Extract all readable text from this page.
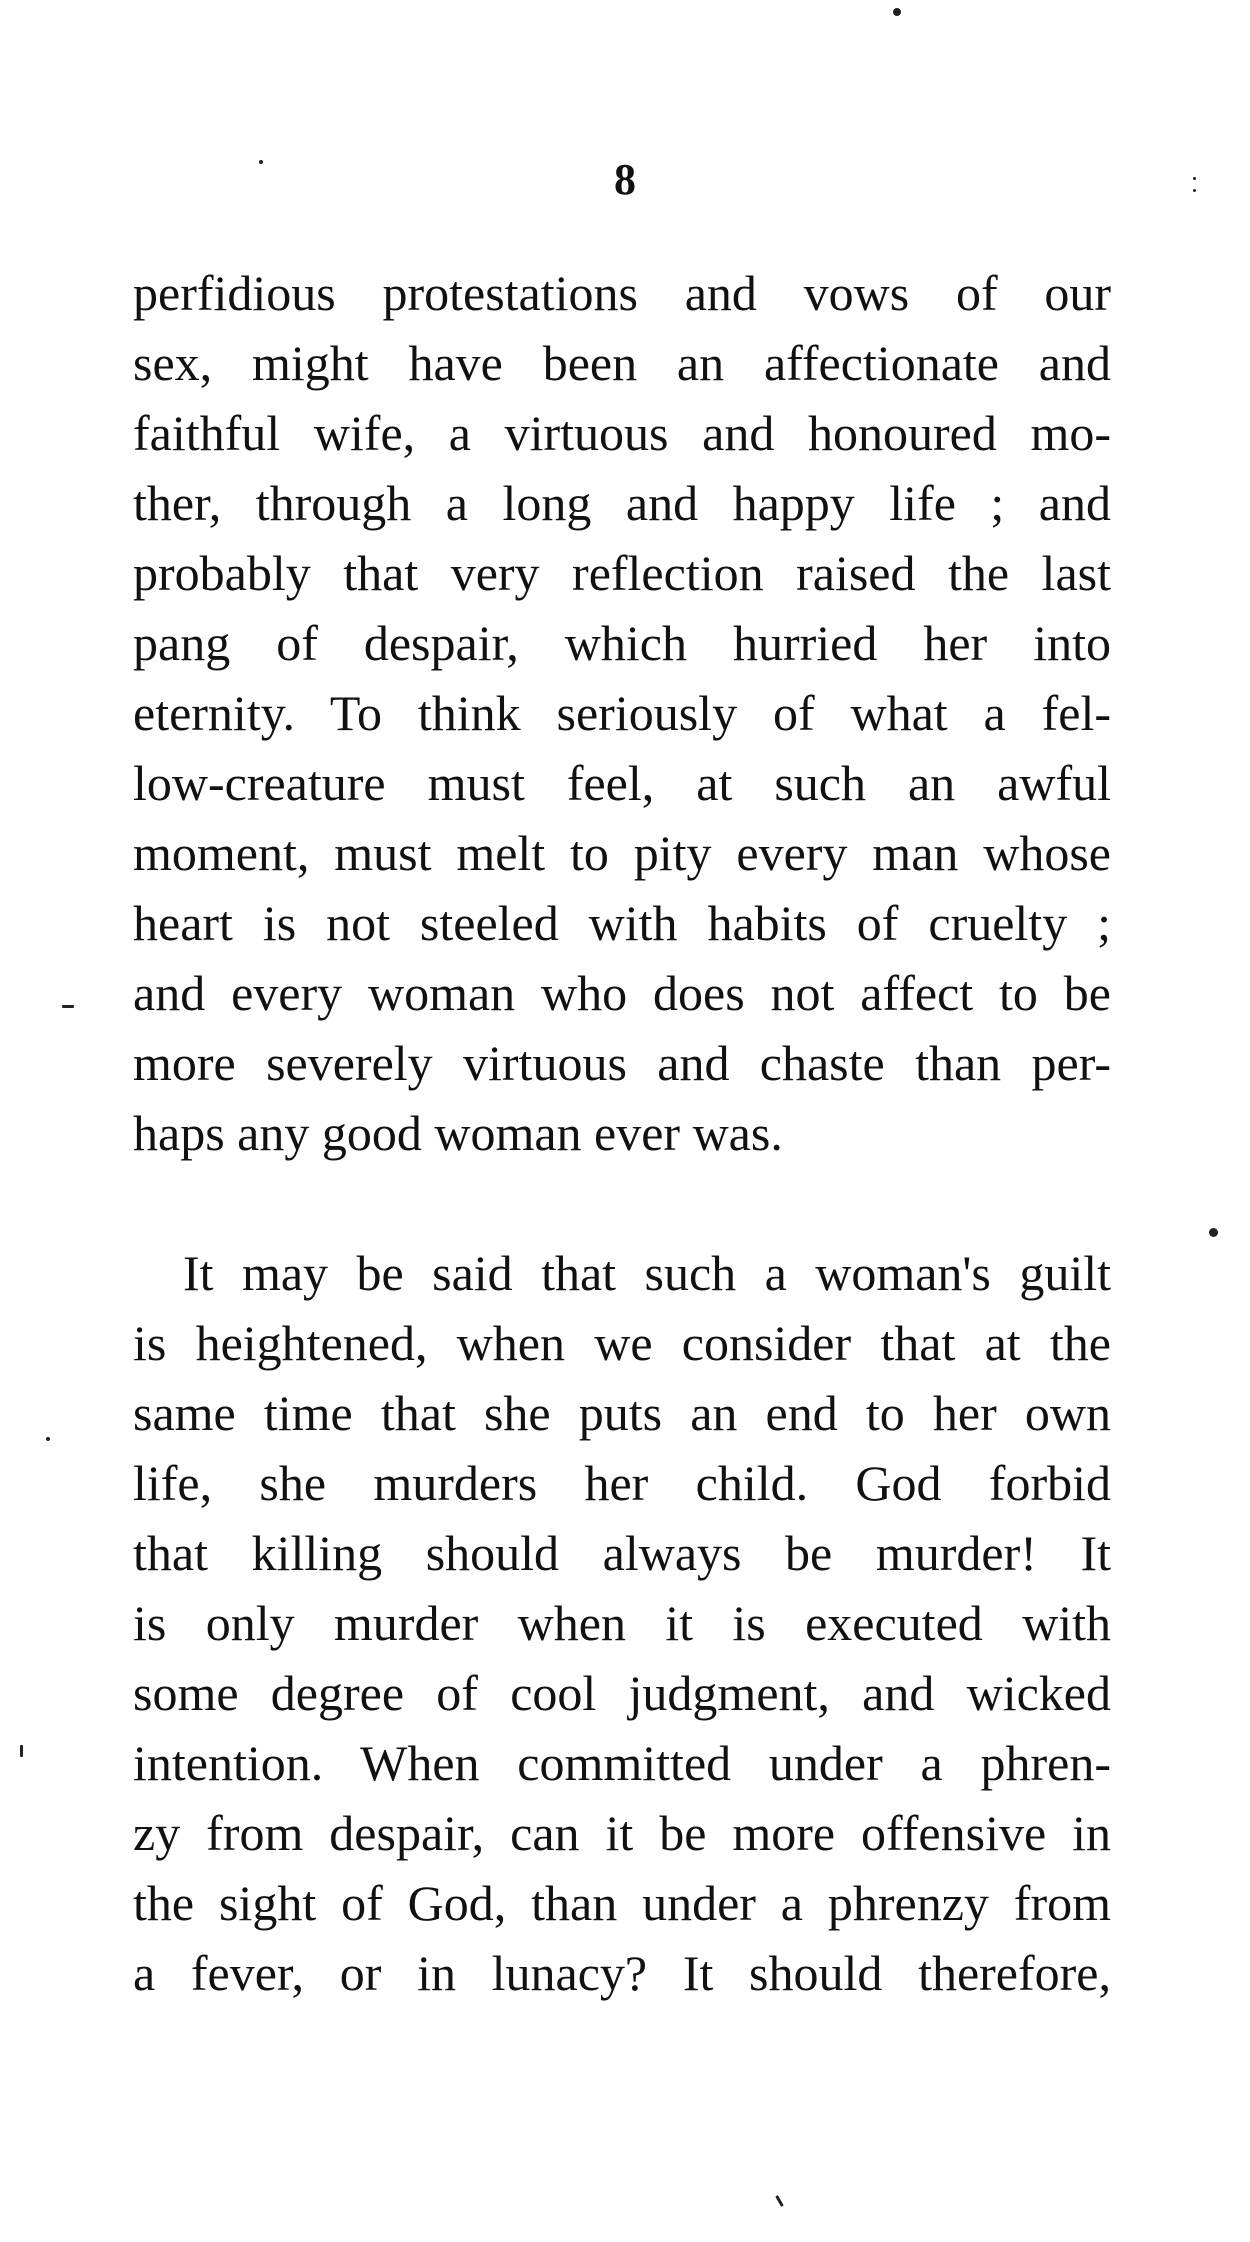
8
perfidious protestations and vows of our
sex, might have been an affectionate and
faithful wife, a virtuous and honoured mo-
ther, through a long and happy life ; and
probably that very reflection raised the last
pang of despair, which hurried her into
eternity. To think seriously of what a fel-
low-creature must feel, at such an awful
moment, must melt to pity every man whose
heart is not steeled with habits of cruelty ;
and every woman who does not affect to be
more severely virtuous and chaste than per-
haps any good woman ever was.
It may be said that such a woman's guilt
is heightened, when we consider that at the
same time that she puts an end to her own
life, she murders her child. God forbid
that killing should always be murder! It
is only murder when it is executed with
some degree of cool judgment, and wicked
intention. When committed under a phren-
zy from despair, can it be more offensive in
the sight of God, than under a phrenzy from
a fever, or in lunacy? It should therefore,
